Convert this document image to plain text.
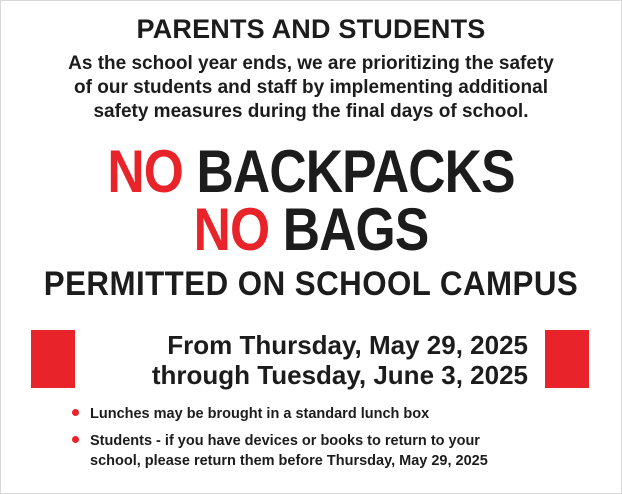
PARENTS AND STUDENTS
As the school year ends, we are prioritizing the safety
of our students and staff by implementing additional
safety measures during the final days of school.
NO BACKPACKS
NO BAGS
PERMITTED ON SCHOOL CAMPUS
From Thursday, May 29, 2025
through Tuesday, June 3, 2025
Lunches may be brought in a standard lunch box
Students - if you have devices or books to return to your
school, please return them before Thursday, May 29, 2025
